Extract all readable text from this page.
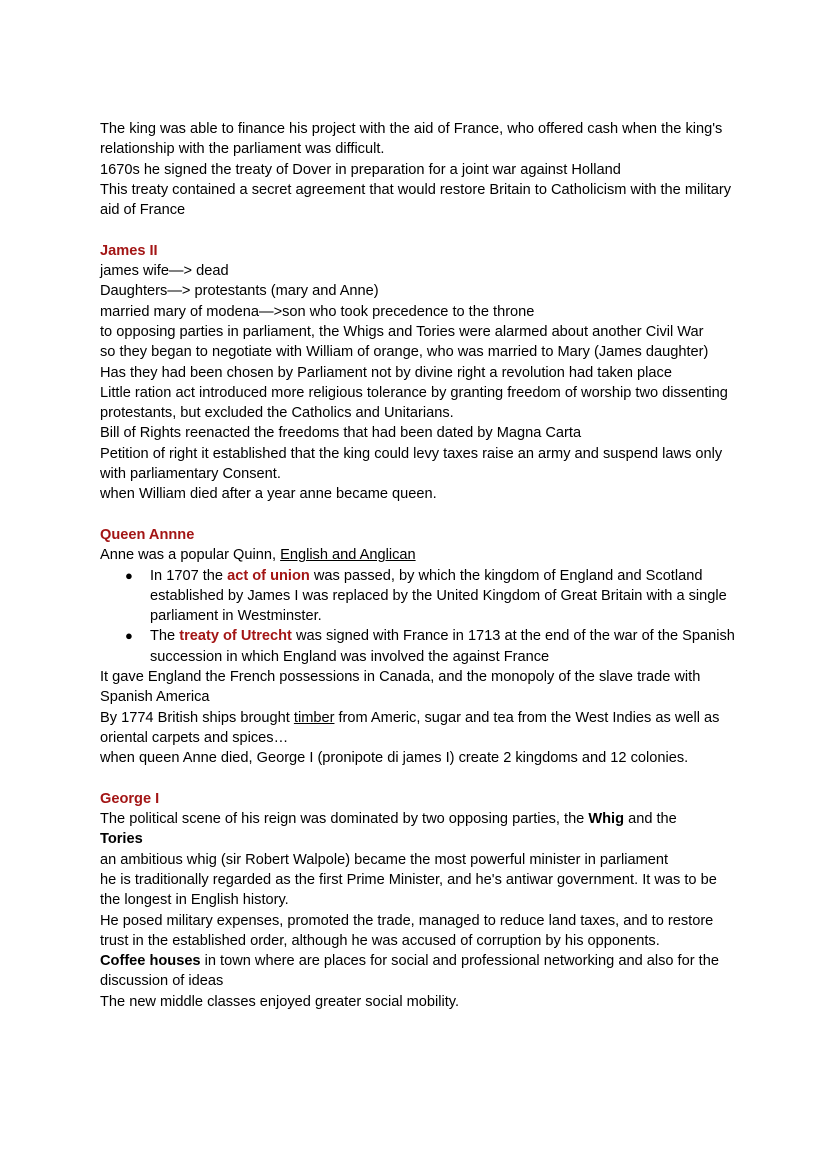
The king was able to finance his project with the aid of France, who offered cash when the king's relationship with the parliament was difficult.

1670s he signed the treaty of Dover in preparation for a joint war against Holland

This treaty contained a secret agreement that would restore Britain to Catholicism with the military aid of France

James II

james wife—> dead

Daughters—> protestants (mary and Anne)

married mary of modena—>son who took precedence to the throne

to opposing parties in parliament, the Whigs and Tories were alarmed about another Civil War

so they began to negotiate with William of orange, who was married to Mary (James daughter)

Has they had been chosen by Parliament not by divine right a revolution had taken place

Little ration act introduced more religious tolerance by granting freedom of worship two dissenting protestants, but excluded the Catholics and Unitarians.

Bill of Rights reenacted the freedoms that had been dated by Magna Carta

Petition of right it established that the king could levy taxes raise an army and suspend laws only with parliamentary Consent.

when William died after a year anne became queen.

Queen Annne

Anne was a popular Quinn, English and Anglican

● In 1707 the act of union was passed, by which the kingdom of England and Scotland established by James I was replaced by the United Kingdom of Great Britain with a single parliament in Westminster.
● The treaty of Utrecht was signed with France in 1713 at the end of the war of the Spanish succession in which England was involved the against France

It gave England the French possessions in Canada, and the monopoly of the slave trade with Spanish America

By 1774 British ships brought timber from Americ, sugar and tea from the West Indies as well as oriental carpets and spices…

when queen Anne died, George I (pronipote di james I) create 2 kingdoms and 12 colonies.

George I

The political scene of his reign was dominated by two opposing parties, the Whig and the
Tories

an ambitious whig (sir Robert Walpole) became the most powerful minister in parliament

he is traditionally regarded as the first Prime Minister, and he's antiwar government. It was to be the longest in English history.

He posed military expenses, promoted the trade, managed to reduce land taxes, and to restore trust in the established order, although he was accused of corruption by his opponents.

Coffee houses in town where are places for social and professional networking and also for the discussion of ideas

The new middle classes enjoyed greater social mobility.
